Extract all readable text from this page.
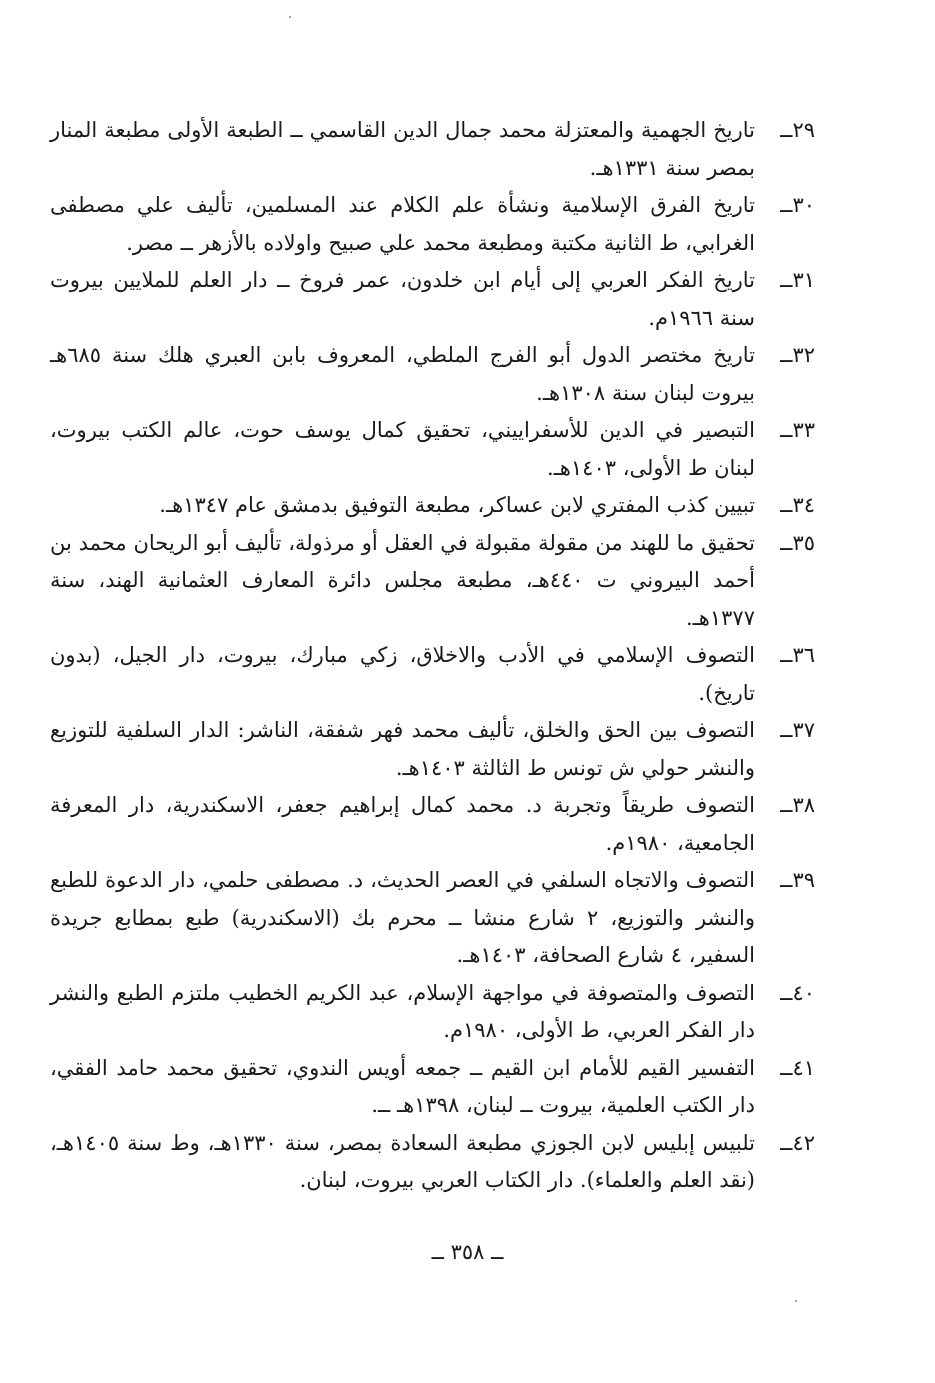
٢٩ــ
تاريخ الجهمية والمعتزلة محمد جمال الدين القاسمي ــ الطبعة الأولى مطبعة المنار بمصر سنة ١٣٣١هـ.
٣٠ــ
تاريخ الفرق الإسلامية ونشأة علم الكلام عند المسلمين، تأليف علي مصطفى الغرابي، ط الثانية مكتبة ومطبعة محمد علي صبيح واولاده بالأزهر ــ مصر.
٣١ــ
تاريخ الفكر العربي إلى أيام ابن خلدون، عمر فروخ ــ دار العلم للملايين بيروت سنة ١٩٦٦م.
٣٢ــ
تاريخ مختصر الدول أبو الفرج الملطي، المعروف بابن العبري هلك سنة ٦٨٥هـ بيروت لبنان سنة ١٣٠٨هـ.
٣٣ــ
التبصير في الدين للأسفراييني، تحقيق كمال يوسف حوت، عالم الكتب بيروت، لبنان ط الأولى، ١٤٠٣هـ.
٣٤ــ
تبيين كذب المفتري لابن عساكر، مطبعة التوفيق بدمشق عام ١٣٤٧هـ.
٣٥ــ
تحقيق ما للهند من مقولة مقبولة في العقل أو مرذولة، تأليف أبو الريحان محمد بن أحمد البيروني ت ٤٤٠هـ، مطبعة مجلس دائرة المعارف العثمانية الهند، سنة ١٣٧٧هـ.
٣٦ــ
التصوف الإسلامي في الأدب والاخلاق، زكي مبارك، بيروت، دار الجيل، (بدون تاريخ).
٣٧ــ
التصوف بين الحق والخلق، تأليف محمد فهر شفقة، الناشر: الدار السلفية للتوزيع والنشر حولي ش تونس ط الثالثة ١٤٠٣هـ.
٣٨ــ
التصوف طريقاً وتجربة د. محمد كمال إبراهيم جعفر، الاسكندرية، دار المعرفة الجامعية، ١٩٨٠م.
٣٩ــ
التصوف والاتجاه السلفي في العصر الحديث، د. مصطفى حلمي، دار الدعوة للطبع والنشر والتوزيع، ٢ شارع منشا ــ محرم بك (الاسكندرية) طبع بمطابع جريدة السفير، ٤ شارع الصحافة، ١٤٠٣هـ.
٤٠ــ
التصوف والمتصوفة في مواجهة الإسلام، عبد الكريم الخطيب ملتزم الطبع والنشر دار الفكر العربي، ط الأولى، ١٩٨٠م.
٤١ــ
التفسير القيم للأمام ابن القيم ــ جمعه أويس الندوي، تحقيق محمد حامد الفقي، دار الكتب العلمية، بيروت ــ لبنان، ١٣٩٨هـ ــ.
٤٢ــ
تلبيس إبليس لابن الجوزي مطبعة السعادة بمصر، سنة ١٣٣٠هـ، وط سنة ١٤٠٥هـ، (نقد العلم والعلماء). دار الكتاب العربي بيروت، لبنان.
ــ ٣٥٨ ــ
